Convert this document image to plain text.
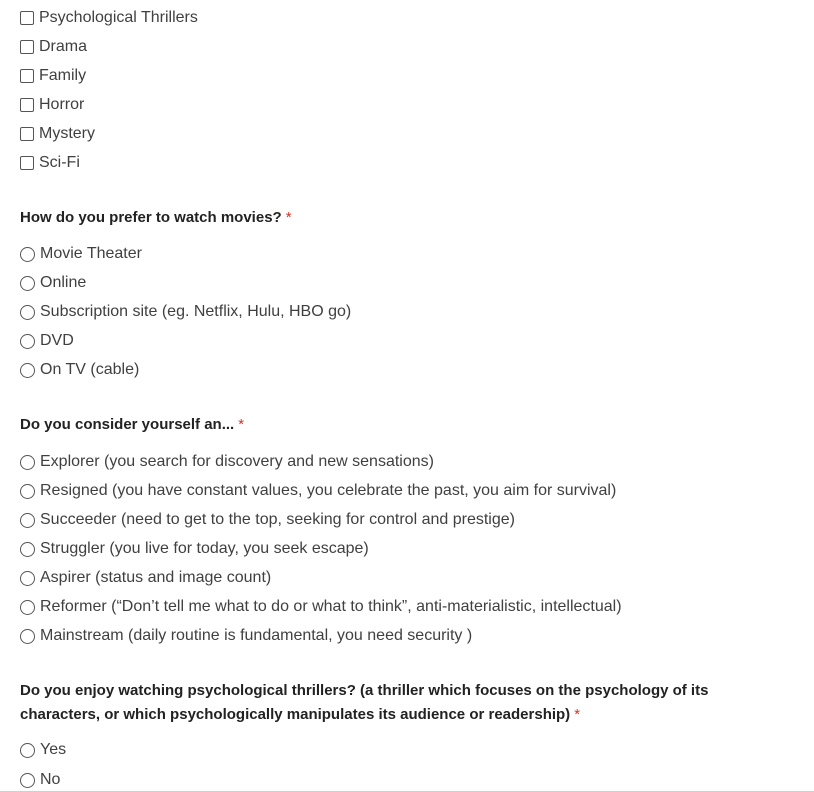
Psychological Thrillers
Drama
Family
Horror
Mystery
Sci-Fi
How do you prefer to watch movies? *
Movie Theater
Online
Subscription site (eg. Netflix, Hulu, HBO go)
DVD
On TV (cable)
Do you consider yourself an... *
Explorer (you search for discovery and new sensations)
Resigned (you have constant values, you celebrate the past, you aim for survival)
Succeeder (need to get to the top, seeking for control and prestige)
Struggler (you live for today, you seek escape)
Aspirer (status and image count)
Reformer (“Don’t tell me what to do or what to think”, anti-materialistic, intellectual)
Mainstream (daily routine is fundamental, you need security )
Do you enjoy watching psychological thrillers? (a thriller which focuses on the psychology of its
characters, or which psychologically manipulates its audience or readership) *
Yes
No
